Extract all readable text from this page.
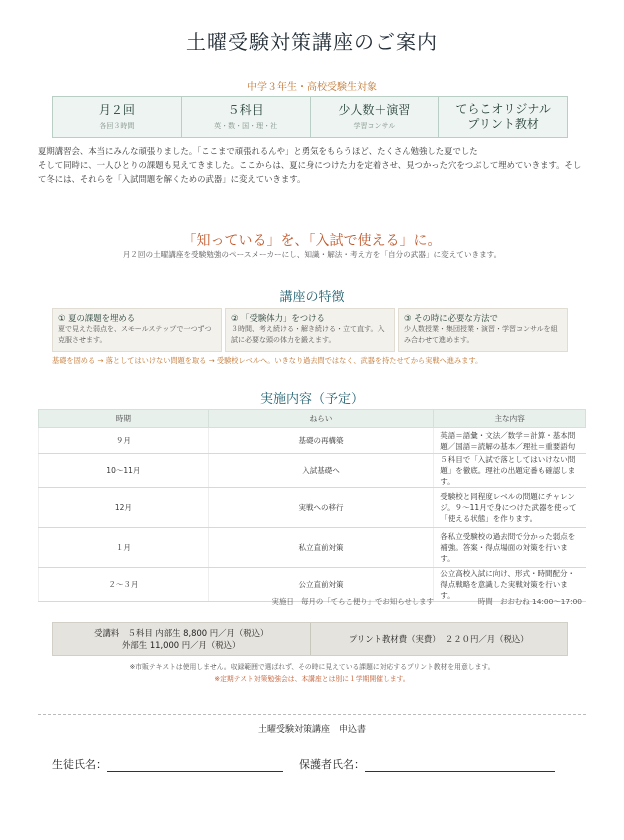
土曜受験対策講座のご案内
中学３年生・高校受験生対象
月２回
各回３時間
５科目
英・数・国・理・社
少人数＋演習
学習コンサル
てらこオリジナル
プリント教材

夏期講習会、本当にみんな頑張りました。「ここまで頑張れるんや」と勇気をもらうほど、たくさん勉強した夏でした

そして同時に、一人ひとりの課題も見えてきました。ここからは、夏に身につけた力を定着させ、見つかった穴をつぶして埋めていきます。そして冬には、それらを「入試問題を解くための武器」に変えていきます。

「知っている」を、「入試で使える」に。
月２回の土曜講座を受験勉強のペースメーカーにし、知識・解法・考え方を「自分の武器」に変えていきます。
講座の特徴
① 夏の課題を埋める
夏で見えた弱点を、スモールステップで一つずつ克服させます。
② 「受験体力」をつける
３時間、考え続ける・解き続ける・立て直す。入試に必要な頭の体力を鍛えます。
③ その時に必要な方法で
少人数授業・集団授業・演習・学習コンサルを組み合わせて進めます。
基礎を固める → 落としてはいけない問題を取る → 受験校レベルへ。いきなり過去問ではなく、武器を持たせてから実戦へ進みます。
実施内容（予定）
時期	ねらい	主な内容
９月	基礎の再構築	英語＝語彙・文法／数学＝計算・基本問題／国語＝読解の基本／理社＝重要語句
10～11月	入試基礎へ	５科目で「入試で落としてはいけない問題」を徹底。理社の出題定番も確認します。
12月	実戦への移行	受験校と同程度レベルの問題にチャレンジ。９～11月で身につけた武器を使って「使える状態」を作ります。
１月	私立直前対策	各私立受験校の過去問で分かった弱点を補強。答案・得点場面の対策を行います。
２～３月	公立直前対策	公立高校入試に向け、形式・時間配分・得点戦略を意識した実戦対策を行います。
実施日　毎月の「てらこ便り」でお知らせします	時間　おおむね 14:00～17:00
受講料　５科目 内部生 8,800 円／月（税込）
外部生 11,000 円／月（税込）
プリント教材費（実費）　２２０円／月（税込）
※市販テキストは使用しません。収録範囲で選ばれず、その時に見えている課題に対応するプリント教材を用意します。
※定期テスト対策勉強会は、本講座とは別に１学期開催します。
土曜受験対策講座　申込書
生徒氏名：	保護者氏名：
